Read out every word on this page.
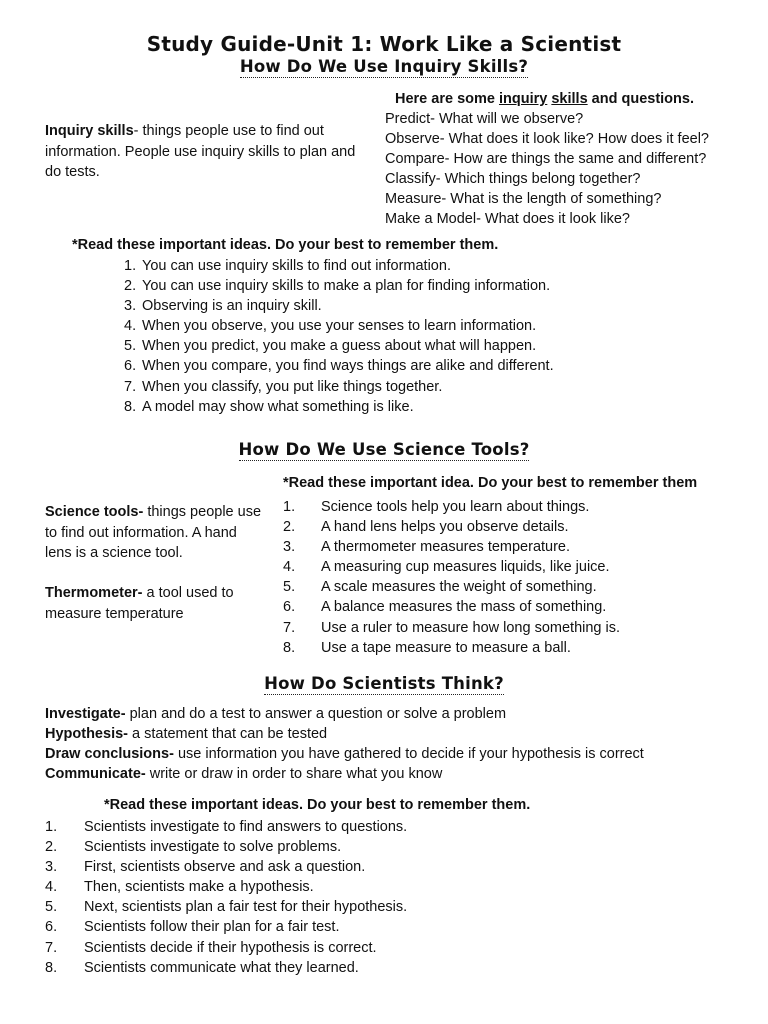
Study Guide-Unit 1: Work Like a Scientist
How Do We Use Inquiry Skills?
Inquiry skills- things people use to find out information. People use inquiry skills to plan and do tests.
Here are some inquiry skills and questions.
Predict- What will we observe?
Observe- What does it look like? How does it feel?
Compare- How are things the same and different?
Classify- Which things belong together?
Measure- What is the length of something?
Make a Model- What does it look like?
*Read these important ideas. Do your best to remember them.
1. You can use inquiry skills to find out information.
2. You can use inquiry skills to make a plan for finding information.
3. Observing is an inquiry skill.
4. When you observe, you use your senses to learn information.
5. When you predict, you make a guess about what will happen.
6. When you compare, you find ways things are alike and different.
7. When you classify, you put like things together.
8. A model may show what something is like.
How Do We Use Science Tools?
Science tools- things people use to find out information. A hand lens is a science tool.
Thermometer- a tool used to measure temperature
*Read these important idea. Do your best to remember them
1. Science tools help you learn about things.
2. A hand lens helps you observe details.
3. A thermometer measures temperature.
4. A measuring cup measures liquids, like juice.
5. A scale measures the weight of something.
6. A balance measures the mass of something.
7. Use a ruler to measure how long something is.
8. Use a tape measure to measure a ball.
How Do Scientists Think?
Investigate- plan and do a test to answer a question or solve a problem
Hypothesis- a statement that can be tested
Draw conclusions- use information you have gathered to decide if your hypothesis is correct
Communicate- write or draw in order to share what you know
*Read these important ideas. Do your best to remember them.
1. Scientists investigate to find answers to questions.
2. Scientists investigate to solve problems.
3. First, scientists observe and ask a question.
4. Then, scientists make a hypothesis.
5. Next, scientists plan a fair test for their hypothesis.
6. Scientists follow their plan for a fair test.
7. Scientists decide if their hypothesis is correct.
8. Scientists communicate what they learned.
